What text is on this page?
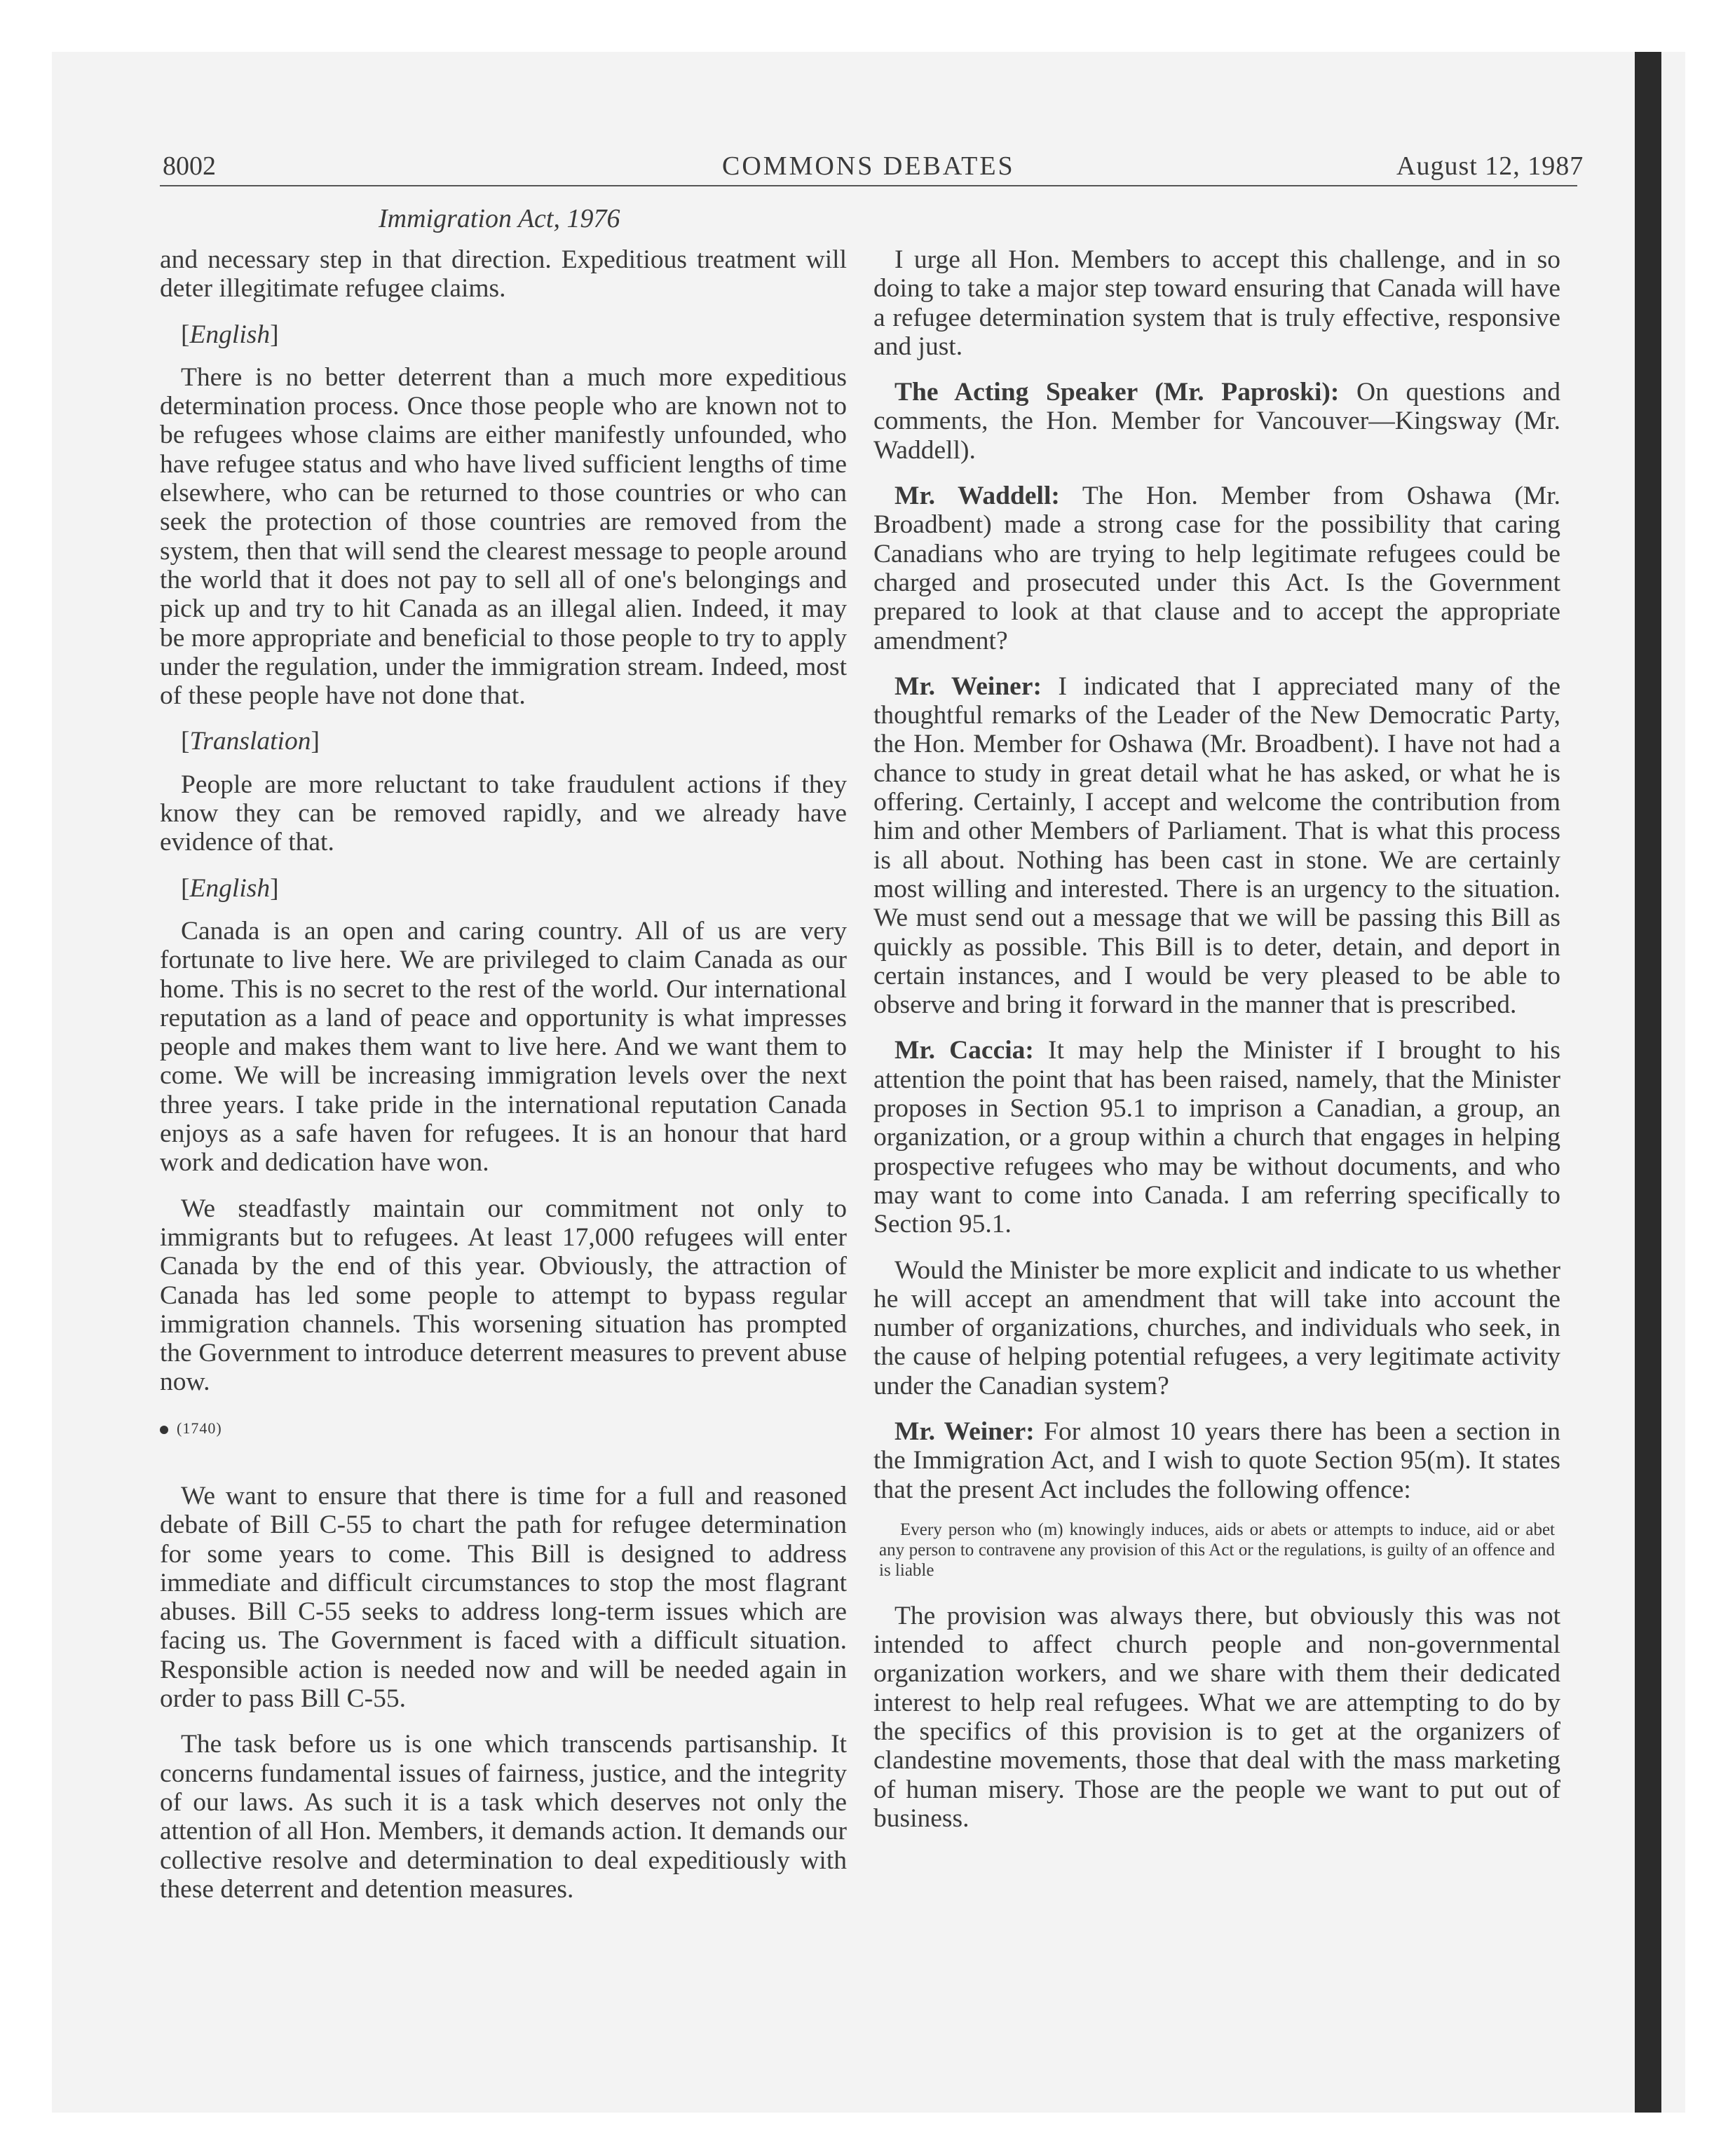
8002	COMMONS DEBATES	August 12, 1987
Immigration Act, 1976

and necessary step in that direction. Expeditious treatment will deter illegitimate refugee claims.

[ English ]

There is no better deterrent than a much more expeditious determination process. Once those people who are known not to be refugees whose claims are either manifestly unfounded, who have refugee status and who have lived sufficient lengths of time elsewhere, who can be returned to those countries or who can seek the protection of those countries are removed from the system, then that will send the clearest message to people around the world that it does not pay to sell all of one's belongings and pick up and try to hit Canada as an illegal alien. Indeed, it may be more appropriate and beneficial to those people to try to apply under the regulation, under the immigration stream. Indeed, most of these people have not done that.

[ Translation ]

People are more reluctant to take fraudulent actions if they know they can be removed rapidly, and we already have evidence of that.

[ English ]

Canada is an open and caring country. All of us are very fortunate to live here. We are privileged to claim Canada as our home. This is no secret to the rest of the world. Our international reputation as a land of peace and opportunity is what impresses people and makes them want to live here. And we want them to come. We will be increasing immigration levels over the next three years. I take pride in the international reputation Canada enjoys as a safe haven for refugees. It is an honour that hard work and dedication have won.

We steadfastly maintain our commitment not only to immigrants but to refugees. At least 17,000 refugees will enter Canada by the end of this year. Obviously, the attraction of Canada has led some people to attempt to bypass regular immigration channels. This worsening situation has prompted the Government to introduce deterrent measures to prevent abuse now.

(1740)

We want to ensure that there is time for a full and reasoned debate of Bill C-55 to chart the path for refugee determination for some years to come. This Bill is designed to address immediate and difficult circumstances to stop the most flagrant abuses. Bill C-55 seeks to address long-term issues which are facing us. The Government is faced with a difficult situation. Responsible action is needed now and will be needed again in order to pass Bill C-55.

The task before us is one which transcends partisanship. It concerns fundamental issues of fairness, justice, and the integrity of our laws. As such it is a task which deserves not only the attention of all Hon. Members, it demands action. It demands our collective resolve and determination to deal expeditiously with these deterrent and detention measures.

I urge all Hon. Members to accept this challenge, and in so doing to take a major step toward ensuring that Canada will have a refugee determination system that is truly effective, responsive and just.

The Acting Speaker (Mr. Paproski): On questions and comments, the Hon. Member for Vancouver—Kingsway (Mr. Waddell).

Mr. Waddell: The Hon. Member from Oshawa (Mr. Broadbent) made a strong case for the possibility that caring Canadians who are trying to help legitimate refugees could be charged and prosecuted under this Act. Is the Government prepared to look at that clause and to accept the appropriate amendment?

Mr. Weiner: I indicated that I appreciated many of the thoughtful remarks of the Leader of the New Democratic Party, the Hon. Member for Oshawa (Mr. Broadbent). I have not had a chance to study in great detail what he has asked, or what he is offering. Certainly, I accept and welcome the contribution from him and other Members of Parliament. That is what this process is all about. Nothing has been cast in stone. We are certainly most willing and interested. There is an urgency to the situation. We must send out a message that we will be passing this Bill as quickly as possible. This Bill is to deter, detain, and deport in certain instances, and I would be very pleased to be able to observe and bring it forward in the manner that is prescribed.

Mr. Caccia: It may help the Minister if I brought to his attention the point that has been raised, namely, that the Minister proposes in Section 95.1 to imprison a Canadian, a group, an organization, or a group within a church that engages in helping prospective refugees who may be without documents, and who may want to come into Canada. I am referring specifically to Section 95.1.

Would the Minister be more explicit and indicate to us whether he will accept an amendment that will take into account the number of organizations, churches, and individuals who seek, in the cause of helping potential refugees, a very legitimate activity under the Canadian system?

Mr. Weiner: For almost 10 years there has been a section in the Immigration Act, and I wish to quote Section 95(m). It states that the present Act includes the following offence:

Every person who (m) knowingly induces, aids or abets or attempts to induce, aid or abet any person to contravene any provision of this Act or the regulations, is guilty of an offence and is liable

The provision was always there, but obviously this was not intended to affect church people and non-governmental organization workers, and we share with them their dedicated interest to help real refugees. What we are attempting to do by the specifics of this provision is to get at the organizers of clandestine movements, those that deal with the mass marketing of human misery. Those are the people we want to put out of business.
